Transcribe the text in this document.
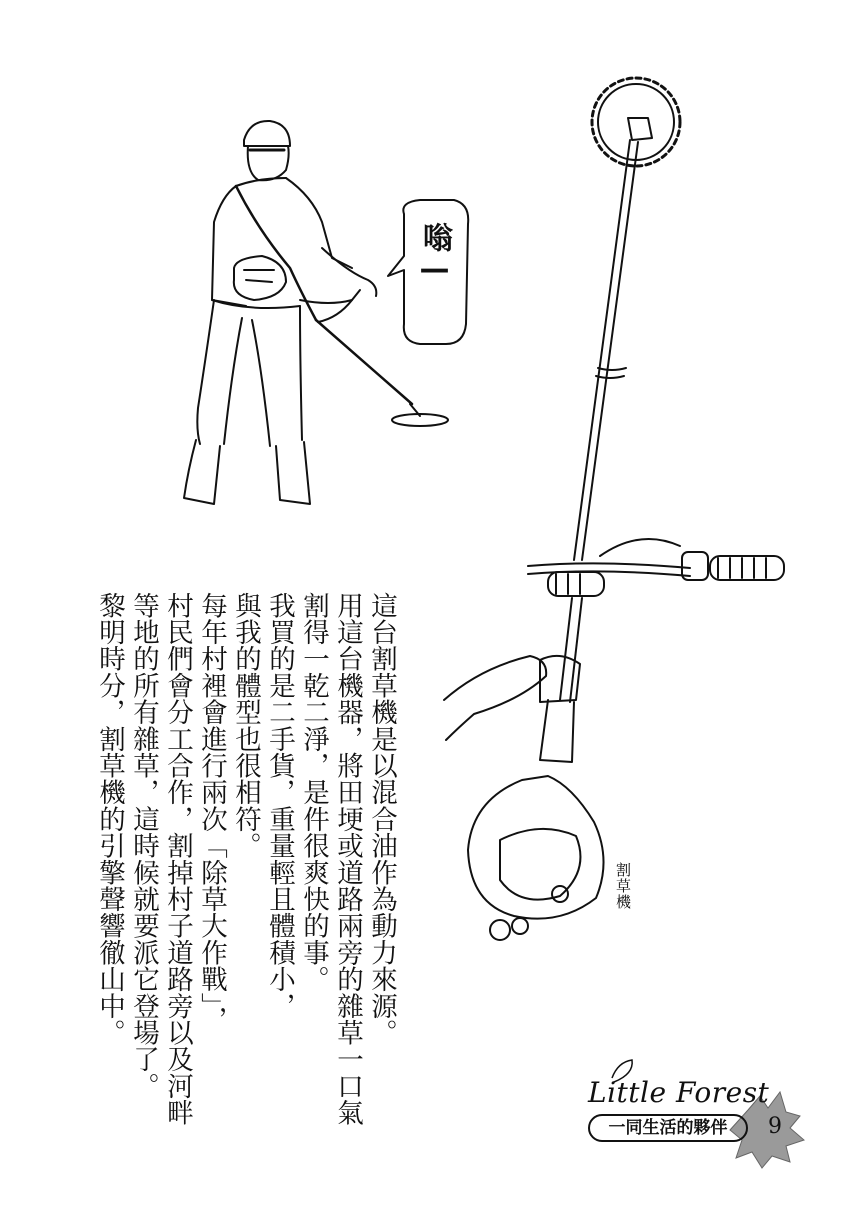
嗡—
割草機
這台割草機是以混合油作為動力來源。
用這台機器，將田埂或道路兩旁的雜草一口氣
割得一乾二淨，是件很爽快的事。
我買的是二手貨，重量輕且體積小，
與我的體型也很相符。
每年村裡會進行兩次「除草大作戰」，
村民們會分工合作，割掉村子道路旁以及河畔
等地的所有雜草，這時候就要派它登場了。
黎明時分，割草機的引擎聲響徹山中。
Little Forest
一同生活的夥伴	9
